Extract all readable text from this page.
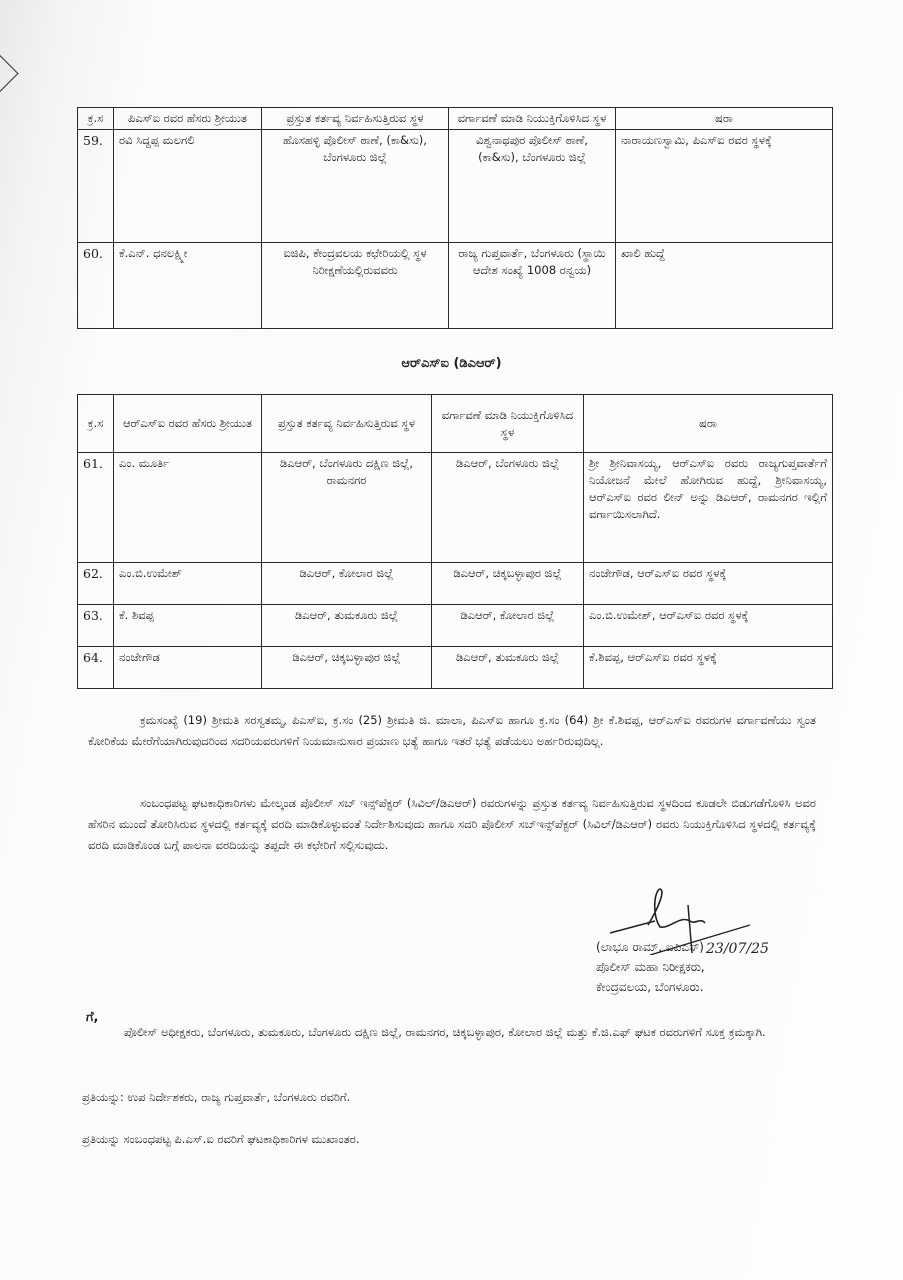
ಕ್ರ.ಸ	ಪಿಎಸ್‌ಐ ರವರ ಹೆಸರು ಶ್ರೀಯುತ	ಪ್ರಸ್ತುತ ಕರ್ತವ್ಯ ನಿರ್ವಹಿಸುತ್ತಿರುವ ಸ್ಥಳ	ವರ್ಗಾವಣೆ ಮಾಡಿ ನಿಯುಕ್ತಿಗೊಳಿಸಿದ ಸ್ಥಳ	ಷರಾ
59.	ರವಿ ಸಿದ್ದಪ್ಪ ಮಲಗಲಿ	ಹೊಸಹಳ್ಳಿ ಪೊಲೀಸ್ ಠಾಣೆ, (ಕಾ&ಸು), ಬೆಂಗಳೂರು ಜಿಲ್ಲೆ	ವಿಶ್ವನಾಥಪುರ ಪೊಲೀಸ್ ಠಾಣೆ, (ಕಾ&ಸು), ಬೆಂಗಳೂರು ಜಿಲ್ಲೆ	ನಾರಾಯಣಸ್ವಾಮಿ, ಪಿಎಸ್‌ಐ ರವರ ಸ್ಥಳಕ್ಕೆ
60.	ಕೆ.ಎನ್. ಧನಲಕ್ಷ್ಮೀ	ಐಜಿಪಿ, ಕೇಂದ್ರವಲಯ ಕಛೇರಿಯಲ್ಲಿ ಸ್ಥಳ ನಿರೀಕ್ಷಣೆಯಲ್ಲಿರುವವರು	ರಾಜ್ಯ ಗುಪ್ತವಾರ್ತೆ, ಬೆಂಗಳೂರು (ಸ್ಥಾಯಿ ಆದೇಶ ಸಂಖ್ಯೆ 1008 ರನ್ವಯ)	ಖಾಲಿ ಹುದ್ದೆ
ಆರ್‌ಎಸ್‌ಐ (ಡಿಎಆರ್)
ಕ್ರ.ಸ	ಆರ್‌ಎಸ್‌ಐ ರವರ ಹೆಸರು ಶ್ರೀಯುತ	ಪ್ರಸ್ತುತ ಕರ್ತವ್ಯ ನಿರ್ವಹಿಸುತ್ತಿರುವ ಸ್ಥಳ	ವರ್ಗಾವಣೆ ಮಾಡಿ ನಿಯುಕ್ತಿಗೊಳಿಸಿದ ಸ್ಥಳ	ಷರಾ
61.	ಎಂ. ಮೂರ್ತಿ	ಡಿಎಆರ್, ಬೆಂಗಳೂರು ದಕ್ಷಿಣ ಜಿಲ್ಲೆ, ರಾಮನಗರ	ಡಿಎಆರ್, ಬೆಂಗಳೂರು ಜಿಲ್ಲೆ	ಶ್ರೀ ಶ್ರೀನಿವಾಸಯ್ಯ, ಆರ್‌ಎಸ್‌ಐ ರವರು ರಾಜ್ಯಗುಪ್ತವಾರ್ತೆಗೆ ನಿಯೋಜನೆ ಮೇಲೆ ಹೋಗಿರುವ ಹುದ್ದೆ, ಶ್ರೀನಿವಾಸಯ್ಯ, ಆರ್‌ಎಸ್‌ಐ ರವರ ಲೀನ್ ಅನ್ನು ಡಿಎಆರ್, ರಾಮನಗರ ಇಲ್ಲಿಗೆ ವರ್ಗಾಯಿಸಲಾಗಿದೆ.
62.	ಎಂ.ಬಿ.ಉಮೇಶ್	ಡಿಎಆರ್, ಕೋಲಾರ ಜಿಲ್ಲೆ	ಡಿಎಆರ್, ಚಿಕ್ಕಬಳ್ಳಾಪುರ ಜಿಲ್ಲೆ	ನಂಜೇಗೌಡ, ಆರ್‌ಎಸ್‌ಐ ರವರ ಸ್ಥಳಕ್ಕೆ
63.	ಕೆ. ಶಿವಪ್ಪ	ಡಿಎಆರ್, ತುಮಕೂರು ಜಿಲ್ಲೆ	ಡಿಎಆರ್, ಕೋಲಾರ ಜಿಲ್ಲೆ	ಎಂ.ಬಿ.ಉಮೇಶ್, ಆರ್‌ಎಸ್‌ಐ ರವರ ಸ್ಥಳಕ್ಕೆ
64.	ನಂಜೇಗೌಡ	ಡಿಎಆರ್, ಚಿಕ್ಕಬಳ್ಳಾಪುರ ಜಿಲ್ಲೆ	ಡಿಎಆರ್, ತುಮಕೂರು ಜಿಲ್ಲೆ	ಕೆ.ಶಿವಪ್ಪ, ಆರ್‌ಎಸ್‌ಐ ರವರ ಸ್ಥಳಕ್ಕೆ
ಕ್ರಮಸಂಖ್ಯೆ (19) ಶ್ರೀಮತಿ ಸರಸ್ವತಮ್ಮ, ಪಿಎಸ್‌ಐ, ಕ್ರ.ಸಂ (25) ಶ್ರೀಮತಿ ಜಿ. ಮಾಲಾ, ಪಿಎಸ್‌ಐ ಹಾಗೂ ಕ್ರ.ಸಂ (64) ಶ್ರೀ ಕೆ.ಶಿವಪ್ಪ, ಆರ್‌ಎಸ್‌ಐ ರವರುಗಳ ವರ್ಗಾವಣೆಯು ಸ್ವಂತ ಕೋರಿಕೆಯ ಮೇರೆಗೆಯಾಗಿರುವುದರಿಂದ ಸದರಿಯವರುಗಳಿಗೆ ನಿಯಮಾನುಸಾರ ಪ್ರಯಾಣ ಭತ್ಯೆ ಹಾಗೂ ಇತರೆ ಭತ್ಯೆ ಪಡೆಯಲು ಅರ್ಹರಿರುವುದಿಲ್ಲ.
ಸಂಬಂಧಪಟ್ಟ ಘಟಕಾಧಿಕಾರಿಗಳು ಮೇಲ್ಕಂಡ ಪೊಲೀಸ್ ಸಬ್ ಇನ್ಸ್‌ಪೆಕ್ಟರ್ (ಸಿವಿಲ್/ಡಿಎಆರ್) ರವರುಗಳನ್ನು ಪ್ರಸ್ತುತ ಕರ್ತವ್ಯ ನಿರ್ವಹಿಸುತ್ತಿರುವ ಸ್ಥಳದಿಂದ ಕೂಡಲೇ ಬಿಡುಗಡೆಗೊಳಿಸಿ ಅವರ ಹೆಸರಿನ ಮುಂದೆ ತೋರಿಸಿರುವ ಸ್ಥಳದಲ್ಲಿ ಕರ್ತವ್ಯಕ್ಕೆ ವರದಿ ಮಾಡಿಕೊಳ್ಳುವಂತೆ ನಿರ್ದೇಶಿಸುವುದು ಹಾಗೂ ಸದರಿ ಪೊಲೀಸ್ ಸಬ್‌ಇನ್ಸ್‌ಪೆಕ್ಟರ್ (ಸಿವಿಲ್/ಡಿಎಆರ್) ರವರು ನಿಯುಕ್ತಿಗೊಳಿಸಿದ ಸ್ಥಳದಲ್ಲಿ ಕರ್ತವ್ಯಕ್ಕೆ ವರದಿ ಮಾಡಿಕೊಂಡ ಬಗ್ಗೆ ಪಾಲನಾ ವರದಿಯನ್ನು ತಪ್ಪದೇ ಈ ಕಛೇರಿಗೆ ಸಲ್ಲಿಸುವುದು.
23/07/25
(ಲಾಭೂ ರಾಮ್, ಐಪಿಎಸ್)
ಪೊಲೀಸ್ ಮಹಾ ನಿರೀಕ್ಷಕರು,
ಕೇಂದ್ರವಲಯ, ಬೆಂಗಳೂರು.
ಗೆ,
ಪೊಲೀಸ್ ಅಧೀಕ್ಷಕರು, ಬೆಂಗಳೂರು, ತುಮಕೂರು, ಬೆಂಗಳೂರು ದಕ್ಷಿಣ ಜಿಲ್ಲೆ, ರಾಮನಗರ, ಚಿಕ್ಕಬಳ್ಳಾಪುರ, ಕೋಲಾರ ಜಿಲ್ಲೆ ಮತ್ತು ಕೆ.ಜಿ.ಎಫ್ ಘಟಕ ರವರುಗಳಿಗೆ ಸೂಕ್ತ ಕ್ರಮಕ್ಕಾಗಿ.
ಪ್ರತಿಯನ್ನು: ಉಪ ನಿರ್ದೇಶಕರು, ರಾಜ್ಯ ಗುಪ್ತವಾರ್ತೆ, ಬೆಂಗಳೂರು ರವರಿಗೆ.
ಪ್ರತಿಯನ್ನು ಸಂಬಂಧಪಟ್ಟ ಪಿ.ಎಸ್.ಐ ರವರಿಗೆ ಘಟಕಾಧಿಕಾರಿಗಳ ಮುಖಾಂತರ.
